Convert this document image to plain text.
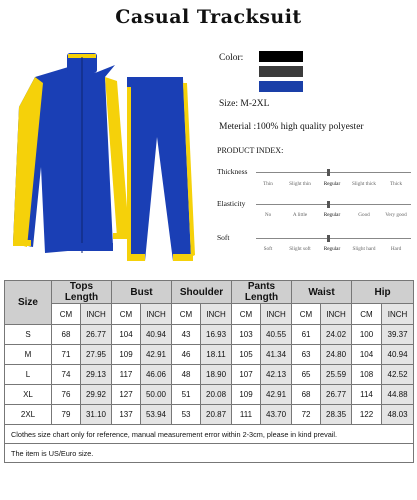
Casual Tracksuit
Color:
Size: M-2XL
Meterial :100% high quality polyester
PRODUCT INDEX:
Thickness
Thin	Slight thin	Regular	Slight thick	Thick
Elasticity
No	A little	Regular	Good	Very good
Soft
Soft	Slight soft	Regular	Slight hard	Hard
Size	Tops Length		Bust		Shoulder		Pants Length		Waist		Hip	
	CM	INCH	CM	INCH	CM	INCH	CM	INCH	CM	INCH	CM	INCH
S	68	26.77	104	40.94	43	16.93	103	40.55	61	24.02	100	39.37
M	71	27.95	109	42.91	46	18.11	105	41.34	63	24.80	104	40.94
L	74	29.13	117	46.06	48	18.90	107	42.13	65	25.59	108	42.52
XL	76	29.92	127	50.00	51	20.08	109	42.91	68	26.77	114	44.88
2XL	79	31.10	137	53.94	53	20.87	111	43.70	72	28.35	122	48.03
Clothes size chart only for reference, manual measurement error within 2-3cm, please in kind prevail.												
The item is US/Euro size.												
